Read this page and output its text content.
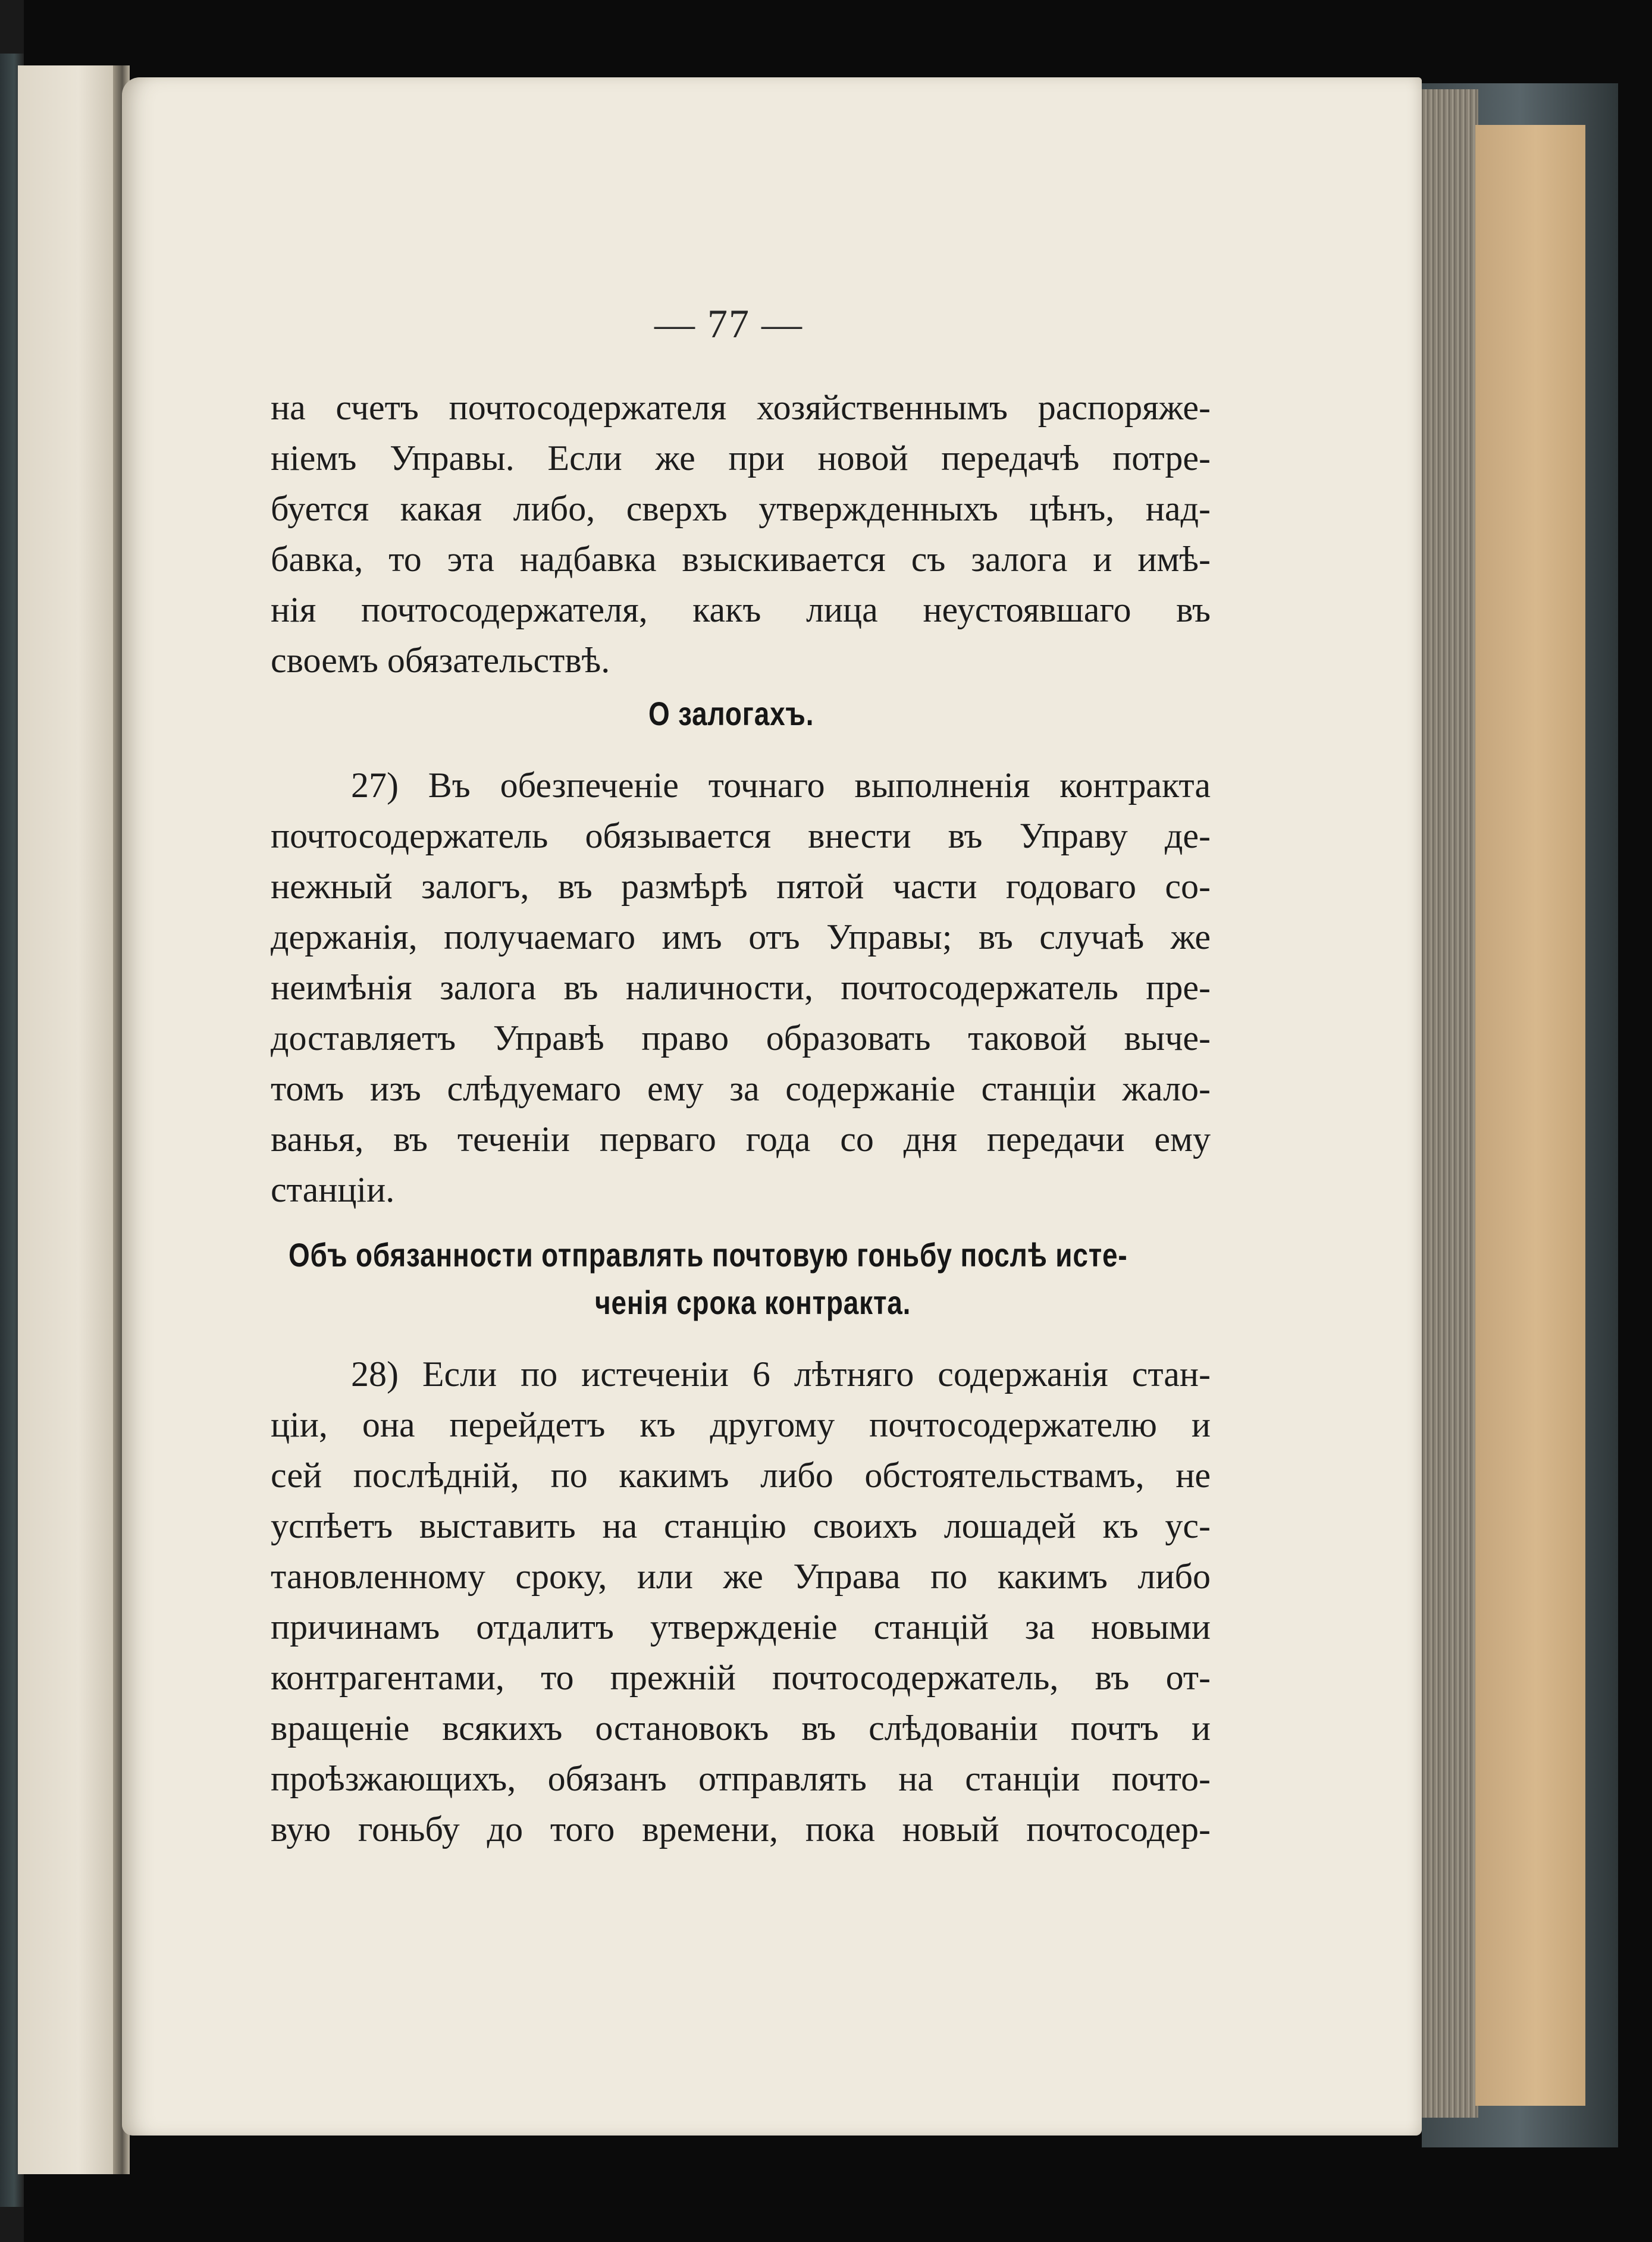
— 77 —
на счетъ почтосодержателя хозяйственнымъ распоряже-
ніемъ Управы. Если же при новой передачѣ потре-
буется какая либо, сверхъ утвержденныхъ цѣнъ, над-
бавка, то эта надбавка взыскивается съ залога и имѣ-
нія почтосодержателя, какъ лица неустоявшаго въ
своемъ обязательствѣ.
О залогахъ.
27) Въ обезпеченіе точнаго выполненія контракта
почтосодержатель обязывается внести въ Управу де-
нежный залогъ, въ размѣрѣ пятой части годоваго со-
держанія, получаемаго имъ отъ Управы; въ случаѣ же
неимѣнія залога въ наличности, почтосодержатель пре-
доставляетъ Управѣ право образовать таковой выче-
томъ изъ слѣдуемаго ему за содержаніе станціи жало-
ванья, въ теченіи перваго года со дня передачи ему
станціи.
Объ обязанности отправлять почтовую гоньбу послѣ исте-
ченія срока контракта.
28) Если по истеченіи 6 лѣтняго содержанія стан-
ціи, она перейдетъ къ другому почтосодержателю и
сей послѣдній, по какимъ либо обстоятельствамъ, не
успѣетъ выставить на станцію своихъ лошадей къ ус-
тановленному сроку, или же Управа по какимъ либо
причинамъ отдалитъ утвержденіе станцій за новыми
контрагентами, то прежній почтосодержатель, въ от-
вращеніе всякихъ остановокъ въ слѣдованіи почтъ и
проѣзжающихъ, обязанъ отправлять на станціи почто-
вую гоньбу до того времени, пока новый почтосодер-
